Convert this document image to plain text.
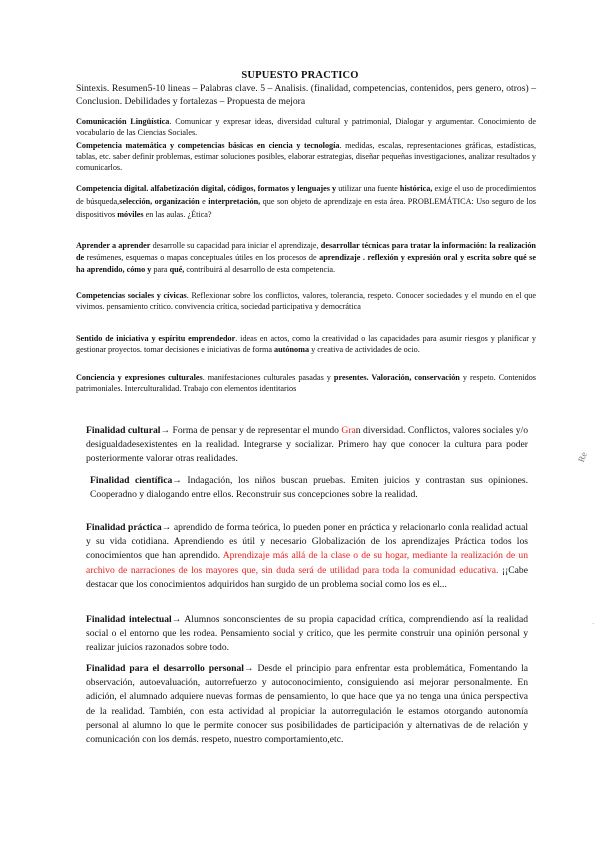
SUPUESTO PRACTICO
Sintexis. Resumen5-10 lineas – Palabras clave. 5 – Analisis. (finalidad, competencias, contenidos, pers genero, otros) – Conclusion. Debilidades y fortalezas – Propuesta de mejora
Comunicación Lingüística. Comunicar y expresar ideas, diversidad cultural y patrimonial, Dialogar y argumentar. Conocimiento de vocabulario de las Ciencias Sociales.
Competencia matemática y competencias básicas en ciencia y tecnología. medidas, escalas, representaciones gráficas, estadísticas, tablas, etc. saber definir problemas, estimar soluciones posibles, elaborar estrategias, diseñar pequeñas investigaciones, analizar resultados y comunicarlos.
Competencia digital. alfabetización digital, códigos, formatos y lenguajes y utilizar una fuente histórica, exige el uso de procedimientos de búsqueda,selección, organización e interpretación, que son objeto de aprendizaje en esta área. PROBLEMÁTICA: Uso seguro de los dispositivos móviles en las aulas. ¿Ética?
Aprender a aprender desarrolle su capacidad para iniciar el aprendizaje, desarrollar técnicas para tratar la información: la realización de resúmenes, esquemas o mapas conceptuales útiles en los procesos de aprendizaje . reflexión y expresión oral y escrita sobre qué se ha aprendido, cómo y para qué, contribuirá al desarrollo de esta competencia.
Competencias sociales y cívicas. Reflexionar sobre los conflictos, valores, tolerancia, respeto. Conocer sociedades y el mundo en el que vivimos. pensamiento crítico. convivencia crítica, sociedad participativa y democrática
Sentido de iniciativa y espíritu emprendedor. ideas en actos, como la creatividad o las capacidades para asumir riesgos y planificar y gestionar proyectos. tomar decisiones e iniciativas de forma autónoma y creativa de actividades de ocio.
Conciencia y expresiones culturales. manifestaciones culturales pasadas y presentes. Valoración, conservación y respeto. Contenidos patrimoniales. Interculturalidad. Trabajo con elementos identitarios
Finalidad cultural→ Forma de pensar y de representar el mundo Gran diversidad. Conflictos, valores sociales y/o desigualdadesexistentes en la realidad. Integrarse y socializar. Primero hay que conocer la cultura para poder posteriormente valorar otras realidades.
Finalidad científica→ Indagación, los niños buscan pruebas. Emiten juicios y contrastan sus opiniones. Cooperadno y dialogando entre ellos. Reconstruir sus concepciones sobre la realidad.
Finalidad práctica→ aprendido de forma teórica, lo pueden poner en práctica y relacionarlo conla realidad actual y su vida cotidiana. Aprendiendo es útil y necesario Globalización de los aprendizajes Práctica todos los conocimientos que han aprendido. Aprendizaje más allá de la clase o de su hogar, mediante la realización de un archivo de narraciones de los mayores que, sin duda será de utilidad para toda la comunidad educativa. ¡¡Cabe destacar que los conocimientos adquiridos han surgido de un problema social como los es el...
Finalidad intelectual→ Alumnos sonconscientes de su propia capacidad crítica, comprendiendo así la realidad social o el entorno que les rodea. Pensamiento social y crítico, que les permite construir una opinión personal y realizar juicios razonados sobre todo.
Finalidad para el desarrollo personal→ Desde el principio para enfrentar esta problemática, Fomentando la observación, autoevaluación, autorrefuerzo y autoconocimiento, consiguiendo asi mejorar personalmente. En adición, el alumnado adquiere nuevas formas de pensamiento, lo que hace que ya no tenga una única perspectiva de la realidad. También, con esta actividad al propiciar la autorregulación le estamos otorgando autonomía personal al alumno lo que le permite conocer sus posibilidades de participación y alternativas de de relación y comunicación con los demás. respeto, nuestro comportamiento,etc.
Re
·
